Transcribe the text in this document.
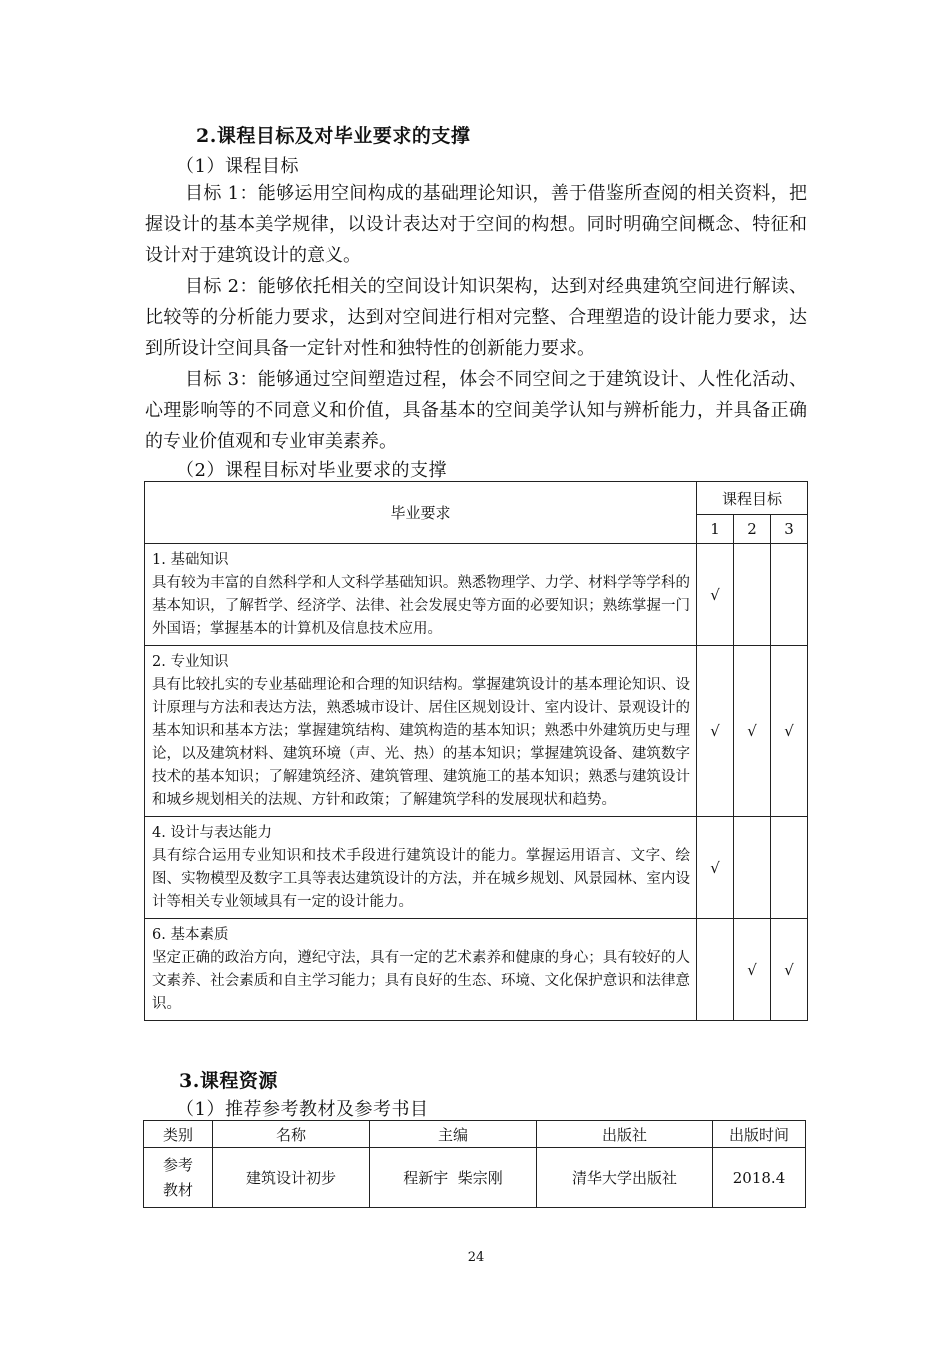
2.课程目标及对毕业要求的支撑
（1）课程目标

目标 1：能够运用空间构成的基础理论知识，善于借鉴所查阅的相关资料，把握设计的基本美学规律，以设计表达对于空间的构想。同时明确空间概念、特征和设计对于建筑设计的意义。

目标 2：能够依托相关的空间设计知识架构，达到对经典建筑空间进行解读、比较等的分析能力要求，达到对空间进行相对完整、合理塑造的设计能力要求，达到所设计空间具备一定针对性和独特性的创新能力要求。

目标 3：能够通过空间塑造过程，体会不同空间之于建筑设计、人性化活动、心理影响等的不同意义和价值，具备基本的空间美学认知与辨析能力，并具备正确的专业价值观和专业审美素养。

（2）课程目标对毕业要求的支撑
毕业要求	课程目标		
	1	2	3

1. 基础知识
具有较为丰富的自然科学和人文科学基础知识。熟悉物理学、力学、材料学等学科的基本知识，了解哲学、经济学、法律、社会发展史等方面的必要知识；熟练掌握一门外国语；掌握基本的计算机及信息技术应用。	√		

2. 专业知识
具有比较扎实的专业基础理论和合理的知识结构。掌握建筑设计的基本理论知识、设计原理与方法和表达方法，熟悉城市设计、居住区规划设计、室内设计、景观设计的基本知识和基本方法；掌握建筑结构、建筑构造的基本知识；熟悉中外建筑历史与理论，以及建筑材料、建筑环境（声、光、热）的基本知识；掌握建筑设备、建筑数字技术的基本知识；了解建筑经济、建筑管理、建筑施工的基本知识；熟悉与建筑设计和城乡规划相关的法规、方针和政策；了解建筑学科的发展现状和趋势。	√	√	√

4. 设计与表达能力
具有综合运用专业知识和技术手段进行建筑设计的能力。掌握运用语言、文字、绘图、实物模型及数字工具等表达建筑设计的方法，并在城乡规划、风景园林、室内设计等相关专业领域具有一定的设计能力。	√		

6. 基本素质
坚定正确的政治方向，遵纪守法，具有一定的艺术素养和健康的身心；具有较好的人文素养、社会素质和自主学习能力；具有良好的生态、环境、文化保护意识和法律意识。		√	√
3.课程资源
（1）推荐参考教材及参考书目
类别	名称	主编	出版社	出版时间

参考
教材	建筑设计初步	程新宇  柴宗刚	清华大学出版社	2018.4
24
